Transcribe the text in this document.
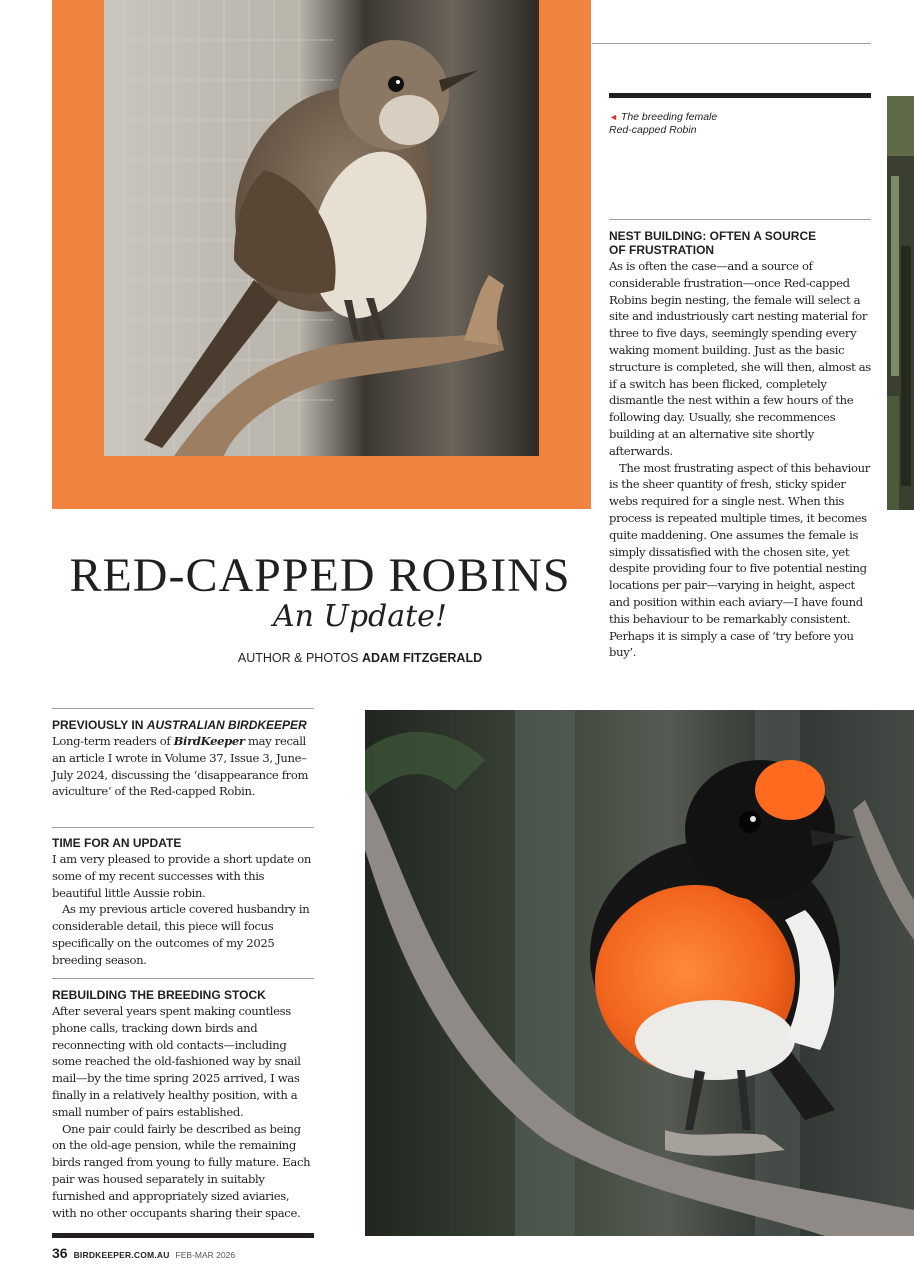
RED-CAPPED ROBINS
An Update!
AUTHOR & PHOTOS ADAM FITZGERALD
◄ The breeding female
Red-capped Robin
NEST BUILDING: OFTEN A SOURCE
OF FRUSTRATION

As is often the case—and a source of considerable frustration—once Red-capped Robins begin nesting, the female will select a site and industriously cart nesting material for three to five days, seemingly spending every waking moment building. Just as the basic structure is completed, she will then, almost as if a switch has been flicked, completely dismantle the nest within a few hours of the following day. Usually, she recommences building at an alternative site shortly afterwards.

The most frustrating aspect of this behaviour is the sheer quantity of fresh, sticky spider webs required for a single nest. When this process is repeated multiple times, it becomes quite maddening. One assumes the female is simply dissatisfied with the chosen site, yet despite providing four to five potential nesting locations per pair—varying in height, aspect and position within each aviary—I have found this behaviour to be remarkably consistent. Perhaps it is simply a case of ‘try before you buy’.

PREVIOUSLY IN AUSTRALIAN BIRDKEEPER

Long-term readers of BirdKeeper may recall an article I wrote in Volume 37, Issue 3, June–July 2024, discussing the ‘disappearance from aviculture’ of the Red-capped Robin.

TIME FOR AN UPDATE

I am very pleased to provide a short update on some of my recent successes with this beautiful little Aussie robin.

As my previous article covered husbandry in considerable detail, this piece will focus specifically on the outcomes of my 2025 breeding season.

REBUILDING THE BREEDING STOCK

After several years spent making countless phone calls, tracking down birds and reconnecting with old contacts—including some reached the old-fashioned way by snail mail—by the time spring 2025 arrived, I was finally in a relatively healthy position, with a small number of pairs established.

One pair could fairly be described as being on the old-age pension, while the remaining birds ranged from young to fully mature. Each pair was housed separately in suitably furnished and appropriately sized aviaries, with no other occupants sharing their space.

36 BIRDKEEPER.COM.AU FEB-MAR 2026
